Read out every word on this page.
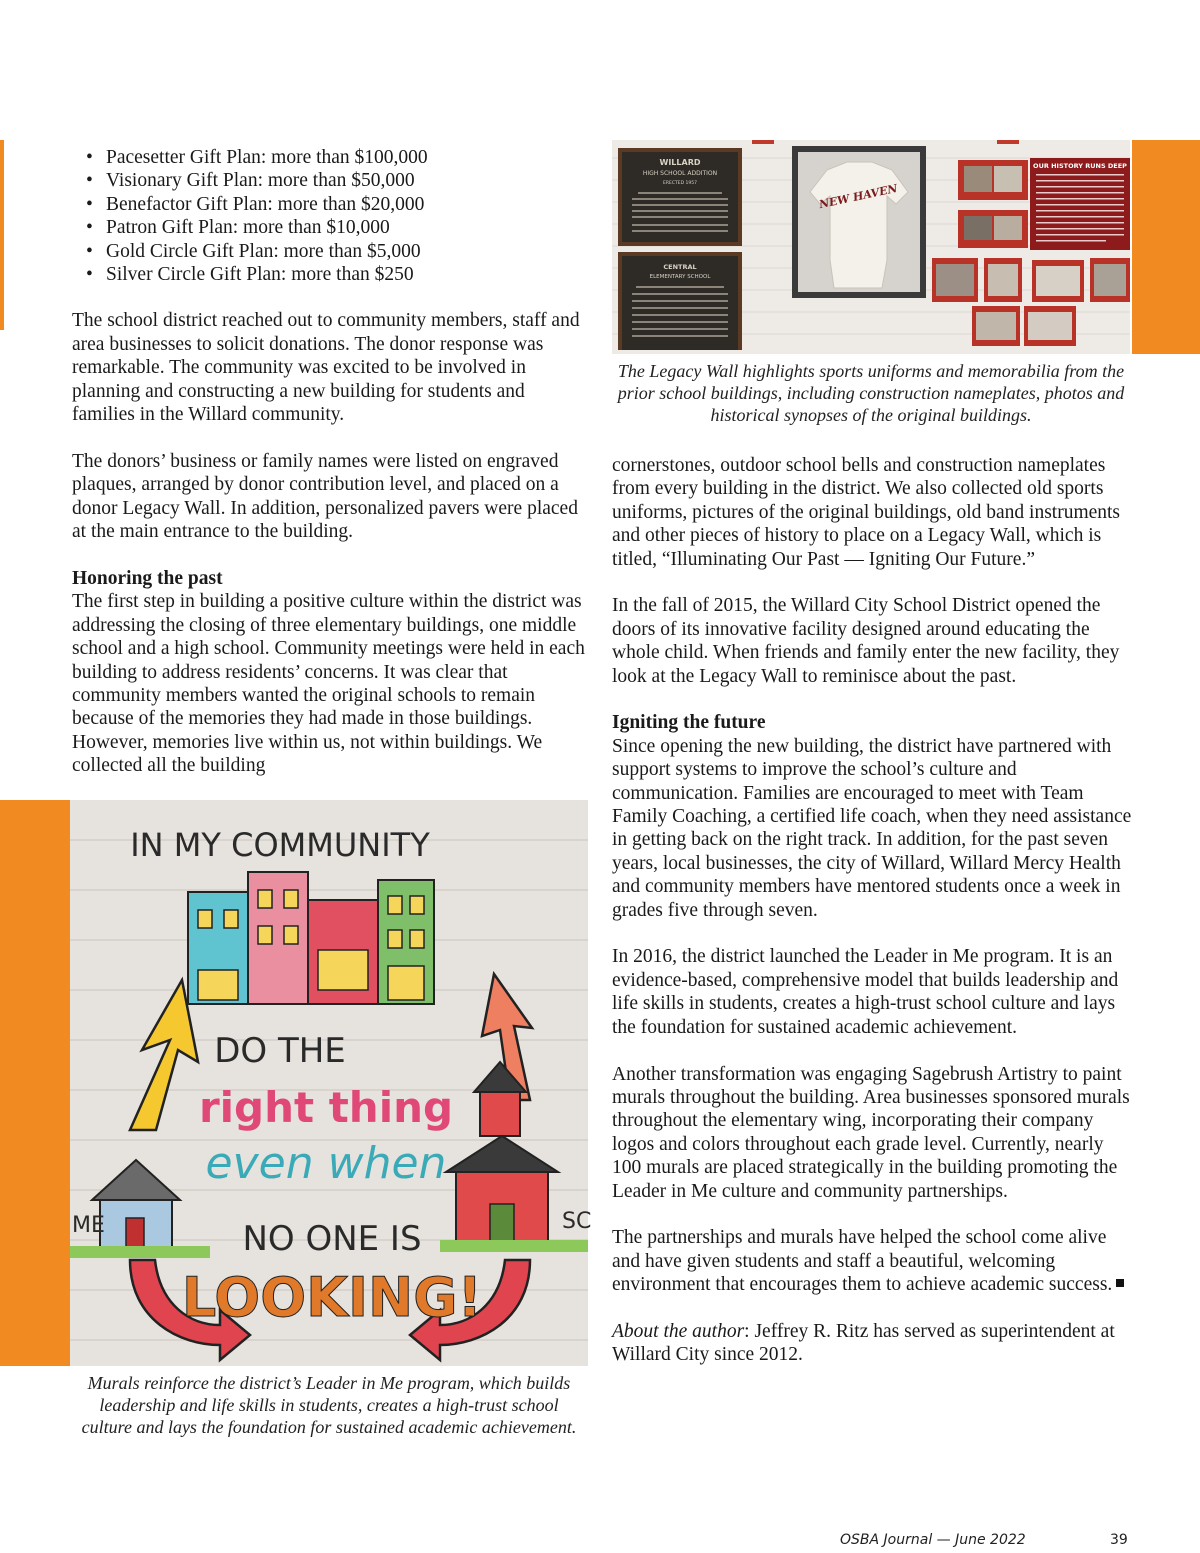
• Pacesetter Gift Plan: more than $100,000
• Visionary Gift Plan: more than $50,000
• Benefactor Gift Plan: more than $20,000
• Patron Gift Plan: more than $10,000
• Gold Circle Gift Plan: more than $5,000
• Silver Circle Gift Plan: more than $250

The school district reached out to community members, staff and area businesses to solicit donations. The donor response was remarkable. The community was excited to be involved in planning and constructing a new building for students and families in the Willard community.

The donors’ business or family names were listed on engraved plaques, arranged by donor contribution level, and placed on a donor Legacy Wall. In addition, personalized pavers were placed at the main entrance to the building.

Honoring the past

The first step in building a positive culture within the district was addressing the closing of three elementary buildings, one middle school and a high school. Community meetings were held in each building to address residents’ concerns. It was clear that community members wanted the original schools to remain because of the memories they had made in those buildings. However, memories live within us, not within buildings. We collected all the building

WILLARD
HIGH SCHOOL ADDITION
ERECTED 1957
CENTRAL
ELEMENTARY SCHOOL
NEW HAVEN
OUR HISTORY RUNS DEEP

The Legacy Wall highlights sports uniforms and memorabilia from the prior school buildings, including construction nameplates, photos and historical synopses of the original buildings.

cornerstones, outdoor school bells and construction nameplates from every building in the district. We also collected old sports uniforms, pictures of the original buildings, old band instruments and other pieces of history to place on a Legacy Wall, which is titled, “Illuminating Our Past — Igniting Our Future.”

In the fall of 2015, the Willard City School District opened the doors of its innovative facility designed around educating the whole child. When friends and family enter the new facility, they look at the Legacy Wall to reminisce about the past.

Igniting the future

Since opening the new building, the district have partnered with support systems to improve the school’s culture and communication. Families are encouraged to meet with Team Family Coaching, a certified life coach, when they need assistance in getting back on the right track. In addition, for the past seven years, local businesses, the city of Willard, Willard Mercy Health and community members have mentored students once a week in grades five through seven.

In 2016, the district launched the Leader in Me program. It is an evidence-based, comprehensive model that builds leadership and life skills in students, creates a high-trust school culture and lays the foundation for sustained academic achievement.

Another transformation was engaging Sagebrush Artistry to paint murals throughout the building. Area businesses sponsored murals throughout the elementary wing, incorporating their company logos and colors throughout each grade level. Currently, nearly 100 murals are placed strategically in the building promoting the Leader in Me culture and community partnerships.

The partnerships and murals have helped the school come alive and have given students and staff a beautiful, welcoming environment that encourages them to achieve academic success.

About the author: Jeffrey R. Ritz has served as superintendent at Willard City since 2012.

IN MY COMMUNITY
DO THE
right thing
even when
NO ONE IS
LOOKING!
ME	SC

Murals reinforce the district’s Leader in Me program, which builds leadership and life skills in students, creates a high-trust school culture and lays the foundation for sustained academic achievement.

OSBA Journal — June 2022	39
